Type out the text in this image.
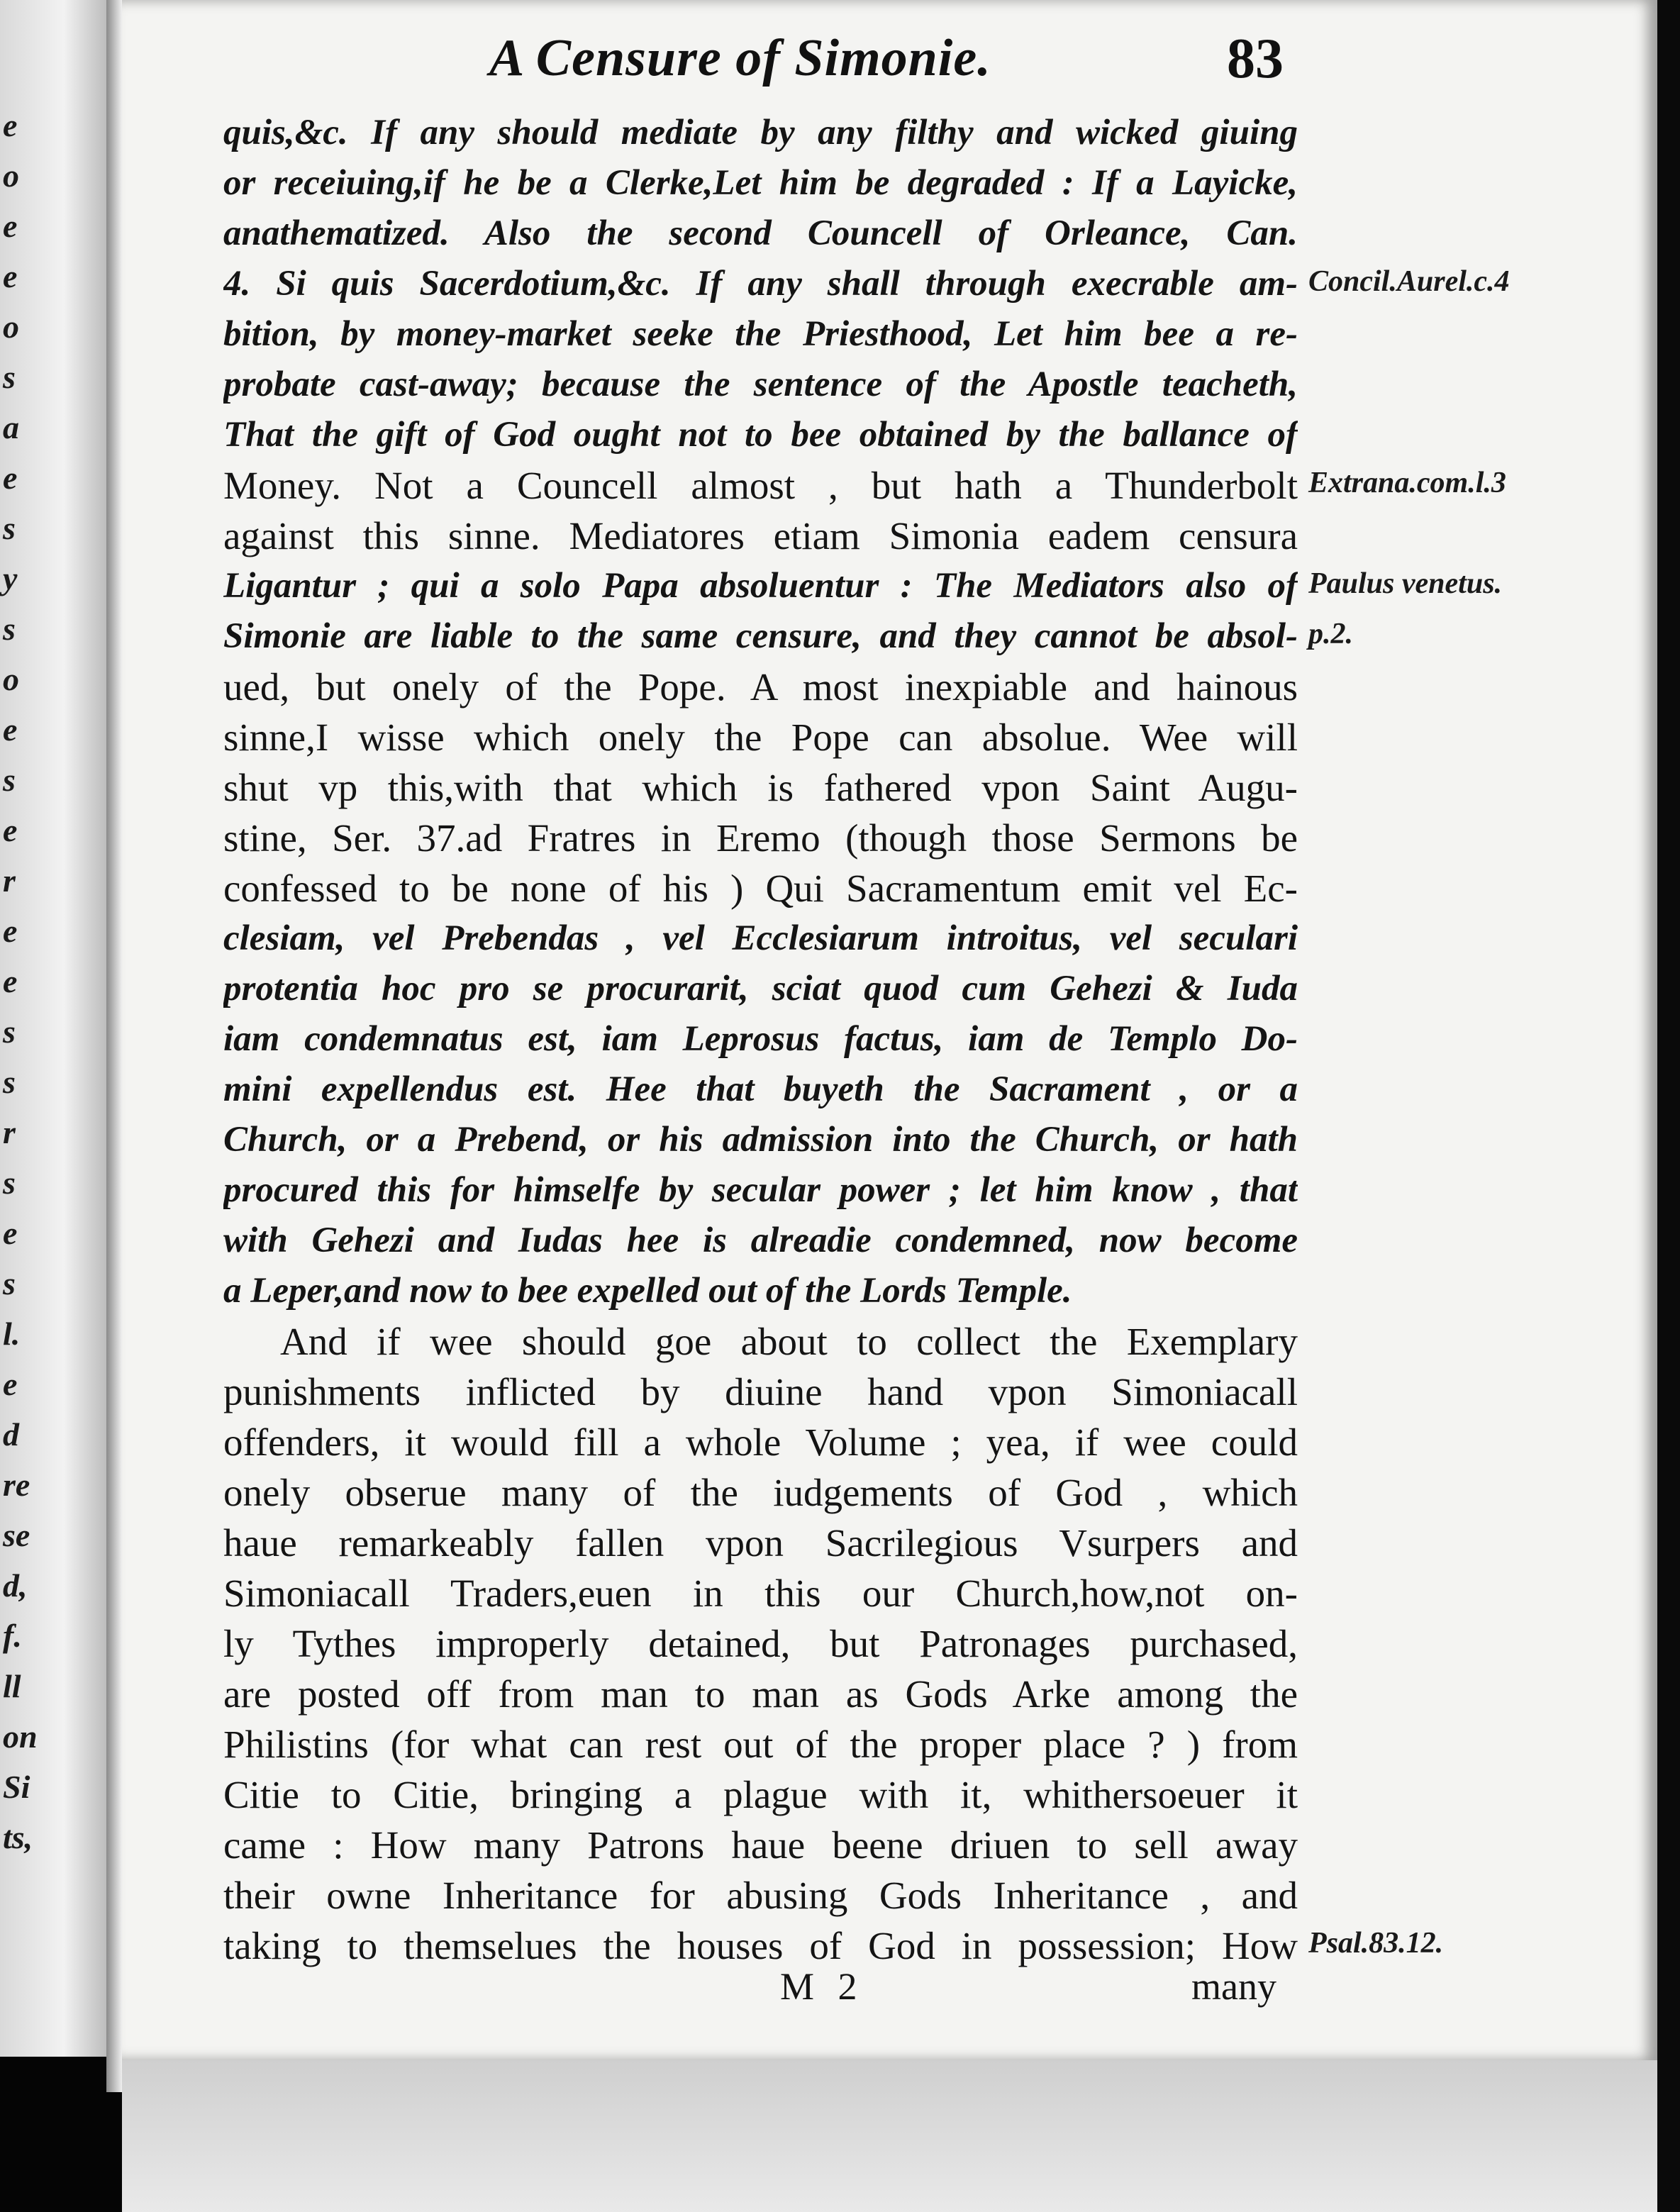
e
o
e
e
o
s
a
e
s
y
s
o
e
s
e
r
e
e
s
s
r
s
e
s
l.
e
d
re
se
d,
f.
ll
on
Si
ts,
A Censure of Simonie.	83
quis,&c. If any should mediate by any filthy and wicked giuing
or receiuing,if he be a Clerke,Let him be degraded : If a Layicke,
anathematized. Also the second Councell of Orleance, Can.
4. Si quis Sacerdotium,&c. If any shall through execrable am-
bition, by money-market seeke the Priesthood, Let him bee a re-
probate cast-away; because the sentence of the Apostle teacheth,
That the gift of God ought not to bee obtained by the ballance of
Money. Not a Councell almost , but hath a Thunderbolt
against this sinne. Mediatores etiam Simonia eadem censura
Ligantur ; qui a solo Papa absoluentur : The Mediators also of
Simonie are liable to the same censure, and they cannot be absol-
ued, but onely of the Pope. A most inexpiable and hainous
sinne,I wisse which onely the Pope can absolue. Wee will
shut vp this,with that which is fathered vpon Saint Augu-
stine, Ser. 37.ad Fratres in Eremo (though those Sermons be
confessed to be none of his ) Qui Sacramentum emit vel Ec-
clesiam, vel Prebendas , vel Ecclesiarum introitus, vel seculari
protentia hoc pro se procurarit, sciat quod cum Gehezi & Iuda
iam condemnatus est, iam Leprosus factus, iam de Templo Do-
mini expellendus est. Hee that buyeth the Sacrament , or a
Church, or a Prebend, or his admission into the Church, or hath
procured this for himselfe by secular power ; let him know , that
with Gehezi and Iudas hee is alreadie condemned, now become
a Leper,and now to bee expelled out of the Lords Temple.
And if wee should goe about to collect the Exemplary
punishments inflicted by diuine hand vpon Simoniacall
offenders, it would fill a whole Volume ; yea, if wee could
onely obserue many of the iudgements of God , which
haue remarkeably fallen vpon Sacrilegious Vsurpers and
Simoniacall Traders,euen in this our Church,how,not on-
ly Tythes improperly detained, but Patronages purchased,
are posted off from man to man as Gods Arke among the
Philistins (for what can rest out of the proper place ? ) from
Citie to Citie, bringing a plague with it, whithersoeuer it
came : How many Patrons haue beene driuen to sell away
their owne Inheritance for abusing Gods Inheritance , and
taking to themselues the houses of God in possession; How
Concil.Aurel.c.4
Extrana.com.l.3
Paulus venetus.
p.2.
Psal.83.12.
M 2	many
